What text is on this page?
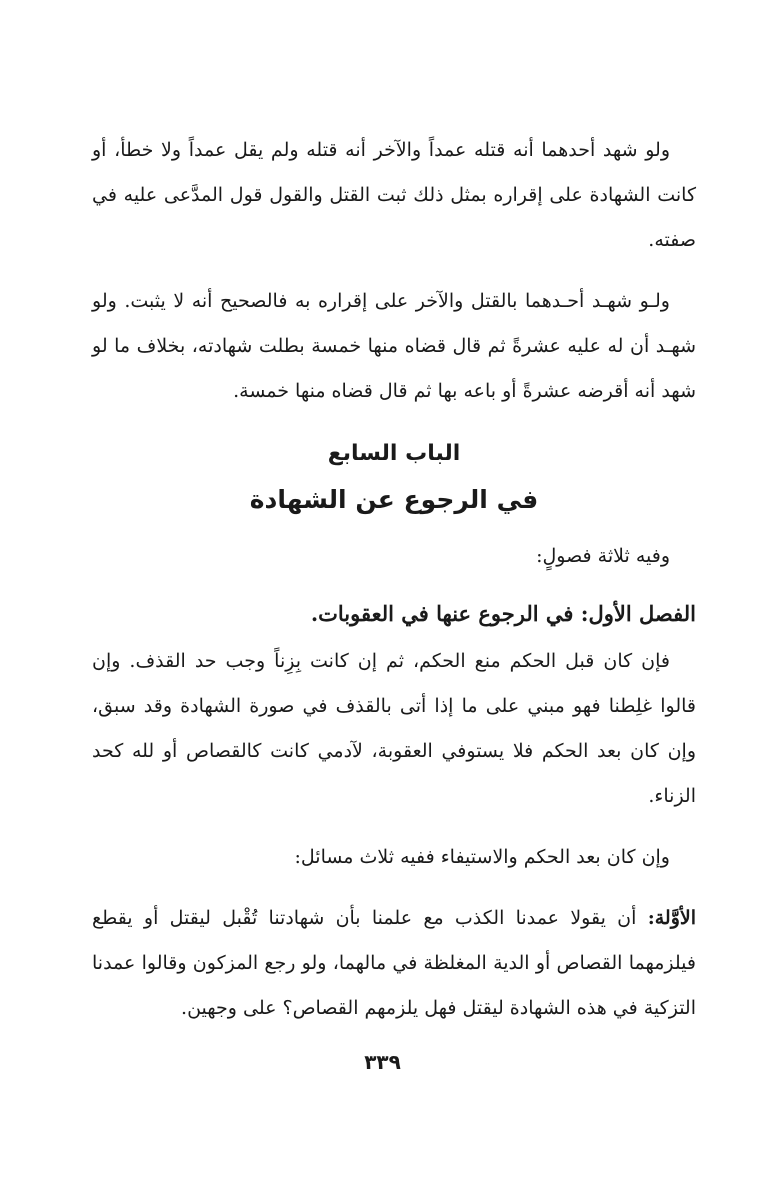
ولو شهد أحدهما أنه قتله عمداً والآخر أنه قتله ولم يقل عمداً ولا خطأ، أو كانت الشهادة على إقراره بمثل ذلك ثبت القتل والقول قول المدَّعى عليه في صفته.

ولـو شهـد أحـدهما بالقتل والآخر على إقراره به فالصحيح أنه لا يثبت. ولو شهـد أن له عليه عشرةً ثم قال قضاه منها خمسة بطلت شهادته، بخلاف ما لو شهد أنه أقرضه عشرةً أو باعه بها ثم قال قضاه منها خمسة.

الباب السابع
في الرجوع عن الشهادة

وفيه ثلاثة فصولٍ:

الفصل الأول: في الرجوع عنها في العقوبات.

فإن كان قبل الحكم منع الحكم، ثم إن كانت بِزِناً وجب حد القذف. وإن قالوا غلِطنا فهو مبني على ما إذا أتى بالقذف في صورة الشهادة وقد سبق، وإن كان بعد الحكم فلا يستوفي العقوبة، لآدمي كانت كالقصاص أو لله كحد الزناء.

وإن كان بعد الحكم والاستيفاء ففيه ثلاث مسائل:

الأوَّلة: أن يقولا عمدنا الكذب مع علمنا بأن شهادتنا تُقْبل ليقتل أو يقطع فيلزمهما القصاص أو الدية المغلظة في مالهما، ولو رجع المزكون وقالوا عمدنا التزكية في هذه الشهادة ليقتل فهل يلزمهم القصاص؟ على وجهين.

٣٣٩
